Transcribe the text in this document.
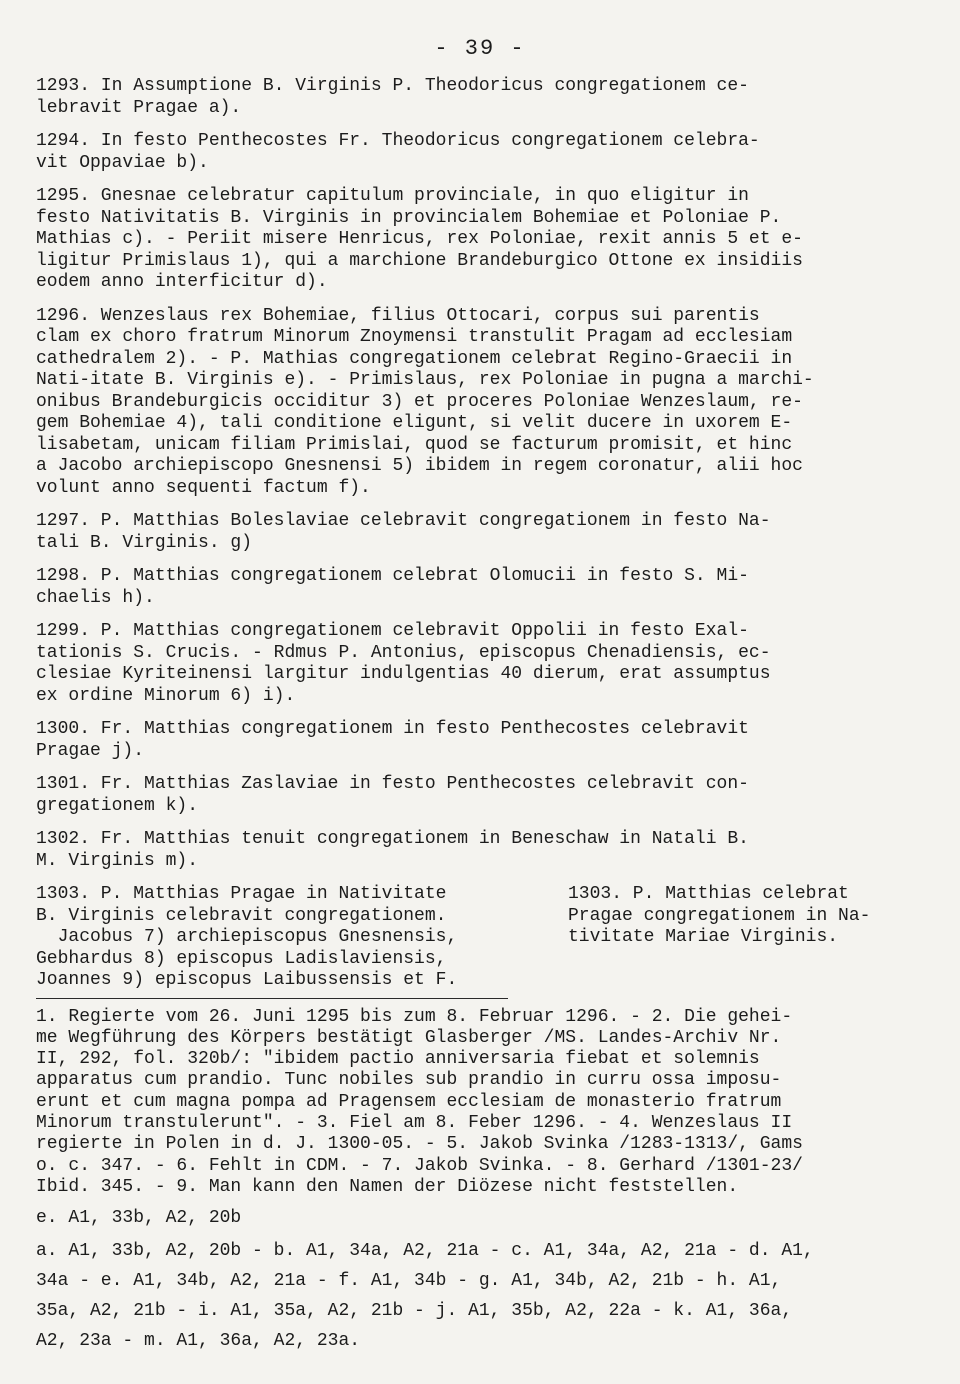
- 39 -

1293. In Assumptione B. Virginis P. Theodoricus congregationem ce-
lebravit Pragae a).

1294. In festo Penthecostes Fr. Theodoricus congregationem celebra-
vit Oppaviae b).

1295. Gnesnae celebratur capitulum provinciale, in quo eligitur in
festo Nativitatis B. Virginis in provincialem Bohemiae et Poloniae P.
Mathias c). - Periit misere Henricus, rex Poloniae, rexit annis 5 et e-
ligitur Primislaus 1), qui a marchione Brandeburgico Ottone ex insidiis
eodem anno interficitur d).

1296. Wenzeslaus rex Bohemiae, filius Ottocari, corpus sui parentis
clam ex choro fratrum Minorum Znoymensi transtulit Pragam ad ecclesiam
cathedralem 2). - P. Mathias congregationem celebrat Regino-Graecii in
Nati-itate B. Virginis e). - Primislaus, rex Poloniae in pugna a marchi-
onibus Brandeburgicis occiditur 3) et proceres Poloniae Wenzeslaum, re-
gem Bohemiae 4), tali conditione eligunt, si velit ducere in uxorem E-
lisabetam, unicam filiam Primislai, quod se facturum promisit, et hinc
a Jacobo archiepiscopo Gnesnensi 5) ibidem in regem coronatur, alii hoc
volunt anno sequenti factum f).

1297. P. Matthias Boleslaviae celebravit congregationem in festo Na-
tali B. Virginis. g)

1298. P. Matthias congregationem celebrat Olomucii in festo S. Mi-
chaelis h).

1299. P. Matthias congregationem celebravit Oppolii in festo Exal-
tationis S. Crucis. - Rdmus P. Antonius, episcopus Chenadiensis, ec-
clesiae Kyriteinensi largitur indulgentias 40 dierum, erat assumptus
ex ordine Minorum 6) i).

1300. Fr. Matthias congregationem in festo Penthecostes celebravit
Pragae j).

1301. Fr. Matthias Zaslaviae in festo Penthecostes celebravit con-
gregationem k).

1302. Fr. Matthias tenuit congregationem in Beneschaw in Natali B.
M. Virginis m).

1303. P. Matthias Pragae in Nativitate
B. Virginis celebravit congregationem.
Jacobus 7) archiepiscopus Gnesnensis,
Gebhardus 8) episcopus Ladislaviensis,
Joannes 9) episcopus Laibussensis et F.
1303. P. Matthias celebrat
Pragae congregationem in Na-
tivitate Mariae Virginis.
1. Regierte vom 26. Juni 1295 bis zum 8. Februar 1296. - 2. Die gehei-
me Wegführung des Körpers bestätigt Glasberger /MS. Landes-Archiv Nr.
II, 292, fol. 320b/: "ibidem pactio anniversaria fiebat et solemnis
apparatus cum prandio. Tunc nobiles sub prandio in curru ossa imposu-
erunt et cum magna pompa ad Pragensem ecclesiam de monasterio fratrum
Minorum transtulerunt". - 3. Fiel am 8. Feber 1296. - 4. Wenzeslaus II
regierte in Polen in d. J. 1300-05. - 5. Jakob Svinka /1283-1313/, Gams
o. c. 347. - 6. Fehlt in CDM. - 7. Jakob Svinka. - 8. Gerhard /1301-23/
Ibid. 345. - 9. Man kann den Namen der Diözese nicht feststellen.
e. A1, 33b, A2, 20b
a. A1, 33b, A2, 20b - b. A1, 34a, A2, 21a - c. A1, 34a, A2, 21a - d. A1,
34a - e. A1, 34b, A2, 21a - f. A1, 34b - g. A1, 34b, A2, 21b - h. A1,
35a, A2, 21b - i. A1, 35a, A2, 21b - j. A1, 35b, A2, 22a - k. A1, 36a,
A2, 23a - m. A1, 36a, A2, 23a.
